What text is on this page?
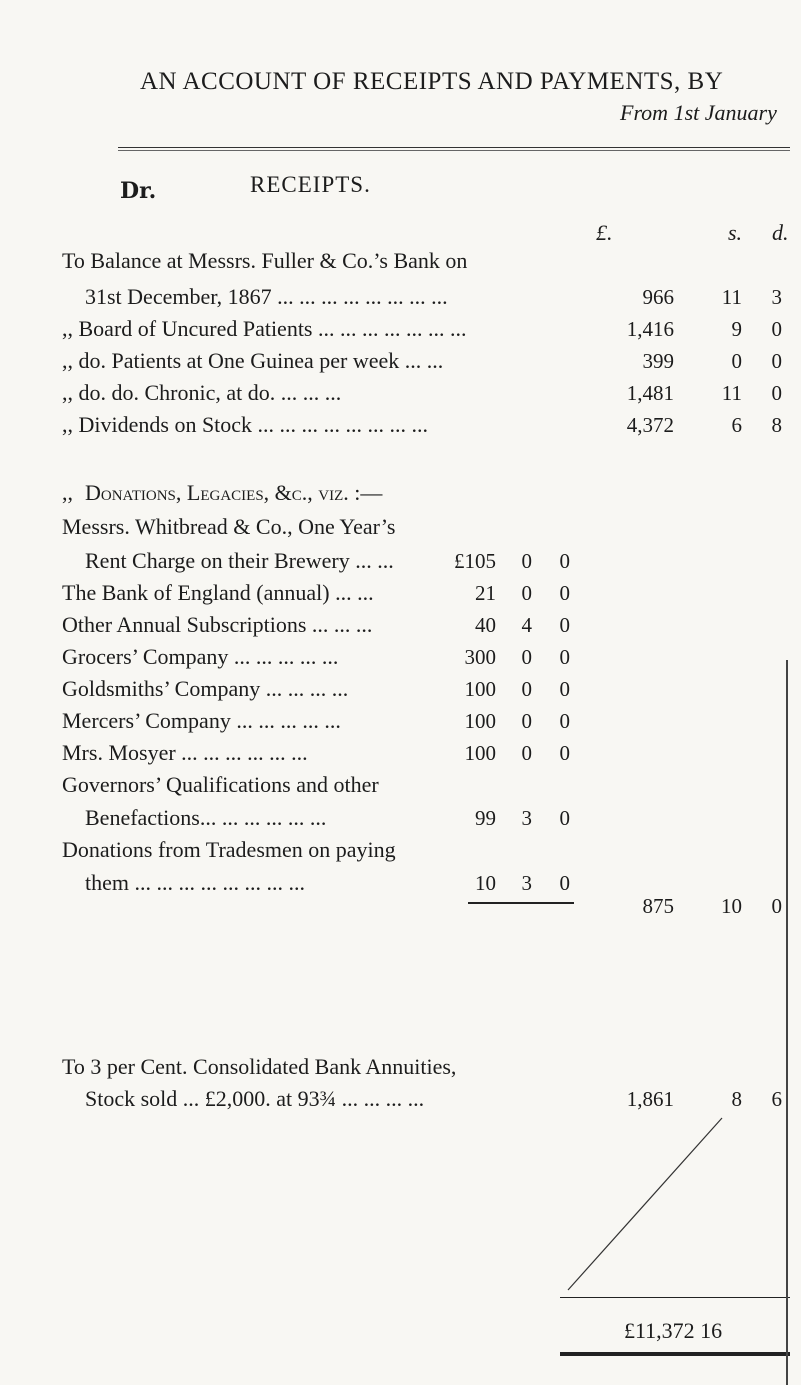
AN ACCOUNT OF RECEIPTS AND PAYMENTS, BY
From 1st January
Dr.	RECEIPTS.
£.	s. d.
To Balance at Messrs. Fuller & Co.’s Bank on
31st December, 1867 ... ... ... ... ... ... ... ...	966	11	3
,, Board of Uncured Patients ... ... ... ... ... ... ...	1,416	9	0
,, do. Patients at One Guinea per week ... ...	399	0	0
,, do. do. Chronic, at do. ... ... ...	1,481	11	0
,, Dividends on Stock ... ... ... ... ... ... ... ...	4,372	6	8
,, Donations, Legacies, &c., viz. :—
Messrs. Whitbread & Co., One Year’s
Rent Charge on their Brewery ... ...	£105	0	0
The Bank of England (annual) ... ...	21	0	0
Other Annual Subscriptions ... ... ...	40	4	0
Grocers’ Company ... ... ... ... ...	300	0	0
Goldsmiths’ Company ... ... ... ...	100	0	0
Mercers’ Company ... ... ... ... ...	100	0	0
Mrs. Mosyer ... ... ... ... ... ...	100	0	0
Governors’ Qualifications and other
Benefactions... ... ... ... ... ...	99	3	0
Donations from Tradesmen on paying
them ... ... ... ... ... ... ... ...	10	3	0
875	10	0
To 3 per Cent. Consolidated Bank Annuities,
Stock sold ... £2,000. at 93¾ ... ... ... ...	1,861	8	6
£11,372 16
